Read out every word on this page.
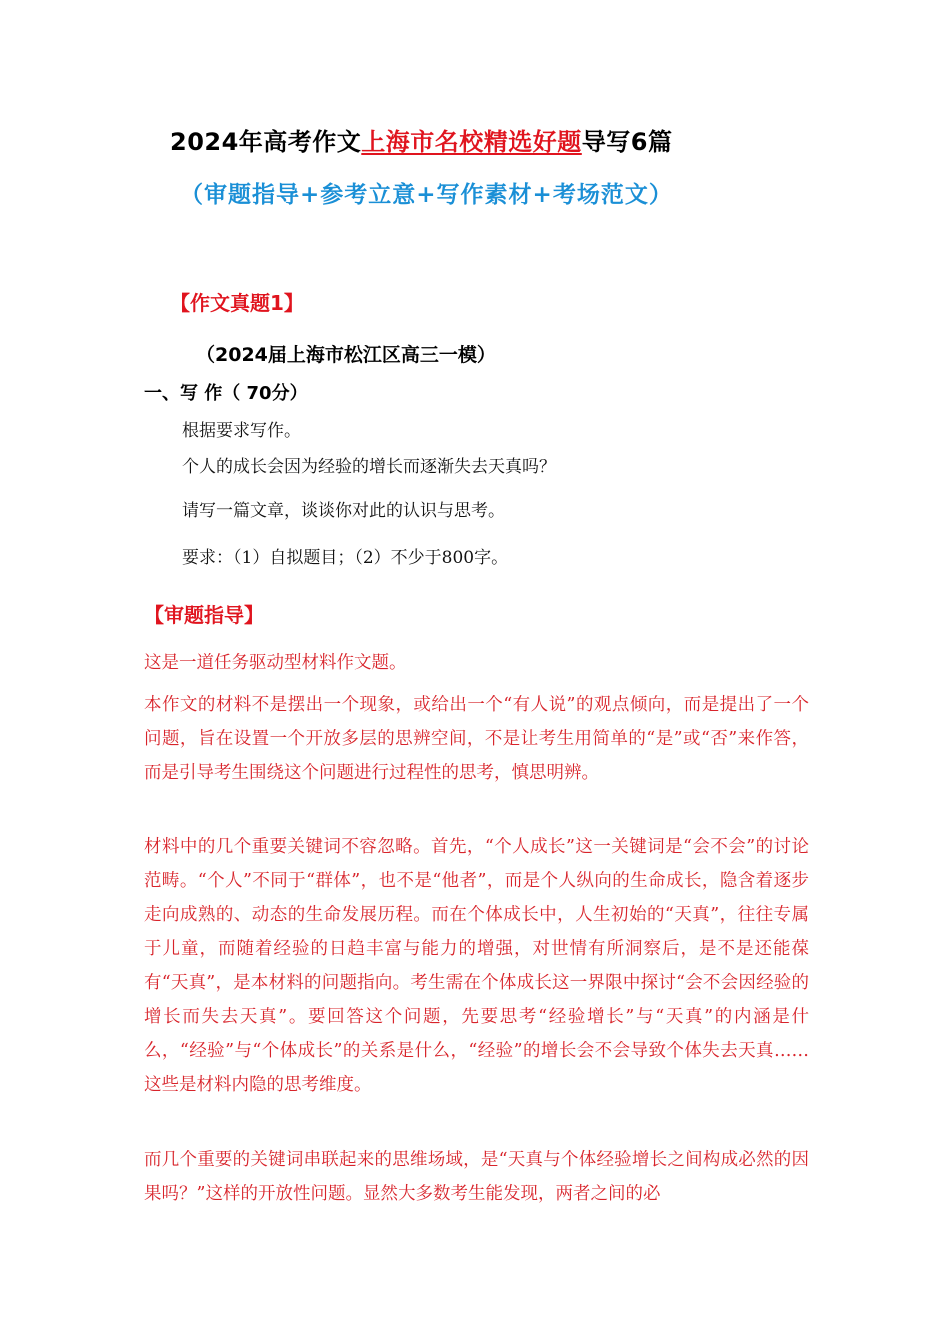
2024年高考作文上海市名校精选好题导写6篇
（审题指导+参考立意+写作素材+考场范文）
【作文真题1】
（2024届上海市松江区高三一模）
一、写 作（ 70分）
根据要求写作。
个人的成长会因为经验的增长而逐渐失去天真吗？
请写一篇文章，谈谈你对此的认识与思考。
要求：（1）自拟题目；（2）不少于800字。
【审题指导】
这是一道任务驱动型材料作文题。
本作文的材料不是摆出一个现象，或给出一个“有人说”的观点倾向，而是提出了一个问题，旨在设置一个开放多层的思辨空间，不是让考生用简单的“是”或“否”来作答，而是引导考生围绕这个问题进行过程性的思考，慎思明辨。
材料中的几个重要关键词不容忽略。首先，“个人成长”这一关键词是“会不会”的讨论范畴。“个人”不同于“群体”，也不是“他者”，而是个人纵向的生命成长，隐含着逐步走向成熟的、动态的生命发展历程。而在个体成长中，人生初始的“天真”，往往专属于儿童，而随着经验的日趋丰富与能力的增强，对世情有所洞察后，是不是还能葆有“天真”，是本材料的问题指向。考生需在个体成长这一界限中探讨“会不会因经验的增长而失去天真”。要回答这个问题，先要思考“经验增长”与“天真”的内涵是什么，“经验”与“个体成长”的关系是什么，“经验”的增长会不会导致个体失去天真……这些是材料内隐的思考维度。
而几个重要的关键词串联起来的思维场域，是“天真与个体经验增长之间构成必然的因果吗？”这样的开放性问题。显然大多数考生能发现，两者之间的必
